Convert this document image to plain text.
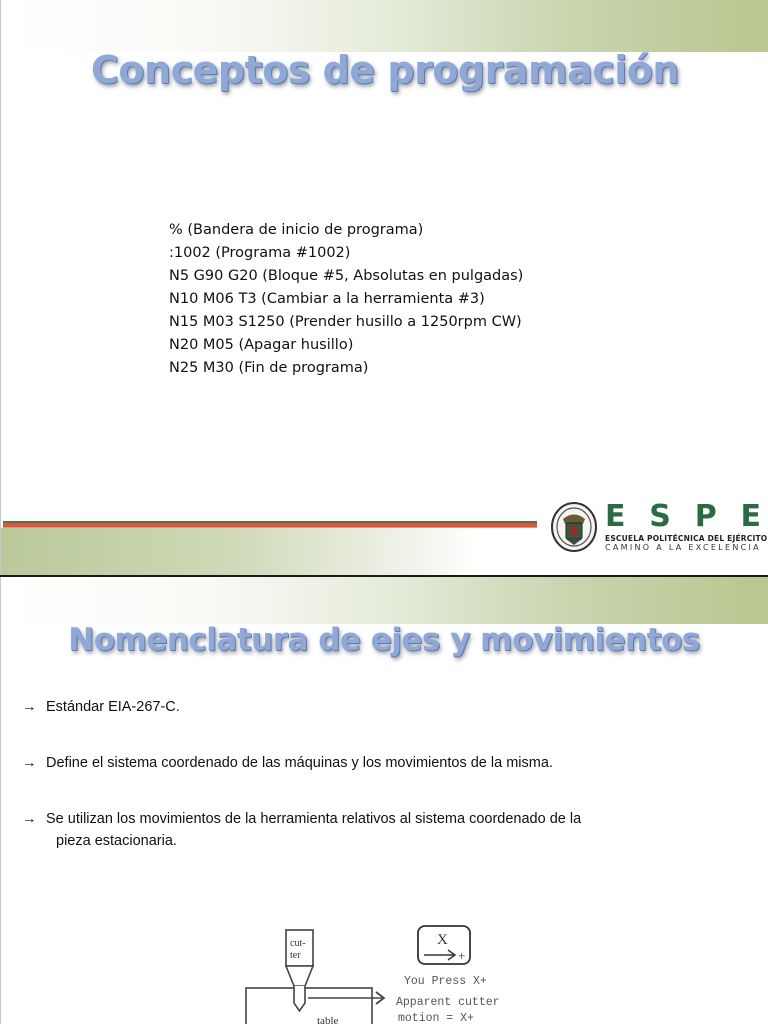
Conceptos de programación
% (Bandera de inicio de programa)
:1002 (Programa #1002)
N5 G90 G20 (Bloque #5, Absolutas en pulgadas)
N10 M06 T3 (Cambiar a la herramienta #3)
N15 M03 S1250 (Prender husillo a 1250rpm CW)
N20 M05 (Apagar husillo)
N25 M30 (Fin de programa)
E S P E
ESCUELA POLITÉCNICA DEL EJÉRCITO
CAMINO A LA EXCELENCIA
Nomenclatura de ejes y movimientos
→ Estándar EIA-267-C.
→ Define el sistema coordenado de las máquinas y los movimientos de la misma.
→ Se utilizan los movimientos de la herramienta relativos al sistema coordenado de la
pieza estacionaria.
cut-
ter
table
X
+
You Press X+
Apparent cutter
motion = X+
